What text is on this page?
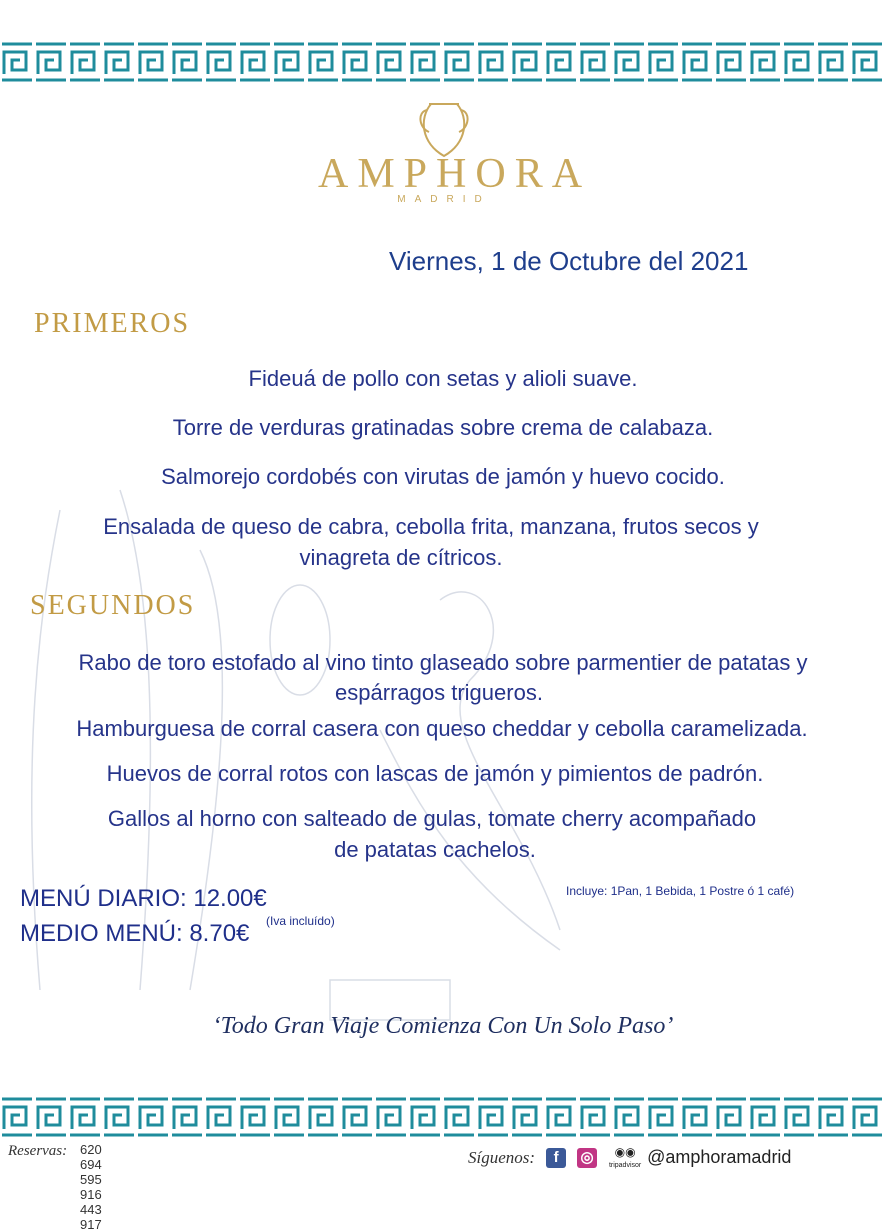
AMPHORA
MADRID
Viernes, 1 de Octubre del 2021
PRIMEROS
Fideuá de pollo con setas y alioli suave.
Torre de verduras gratinadas sobre crema de calabaza.
Salmorejo cordobés con virutas de jamón y huevo cocido.
Ensalada de queso de cabra, cebolla frita, manzana, frutos secos y
vinagreta de cítricos.
SEGUNDOS
Rabo de toro estofado al vino tinto glaseado sobre parmentier de patatas y
espárragos trigueros.
Hamburguesa de corral casera con queso cheddar y cebolla caramelizada.
Huevos de corral rotos con lascas de jamón y pimientos de padrón.
Gallos al horno con salteado de gulas, tomate cherry acompañado
de patatas cachelos.
MENÚ DIARIO: 12.00€
MEDIO MENÚ: 8.70€ (Iva incluído)
Incluye: 1Pan, 1 Bebida, 1 Postre ó 1 café)
‘Todo Gran Viaje Comienza Con Un Solo Paso’
Reservas: 620 694 595
916 443 917
Síguenos: f ◎ ◉◉
tripadvisor @amphoramadrid
